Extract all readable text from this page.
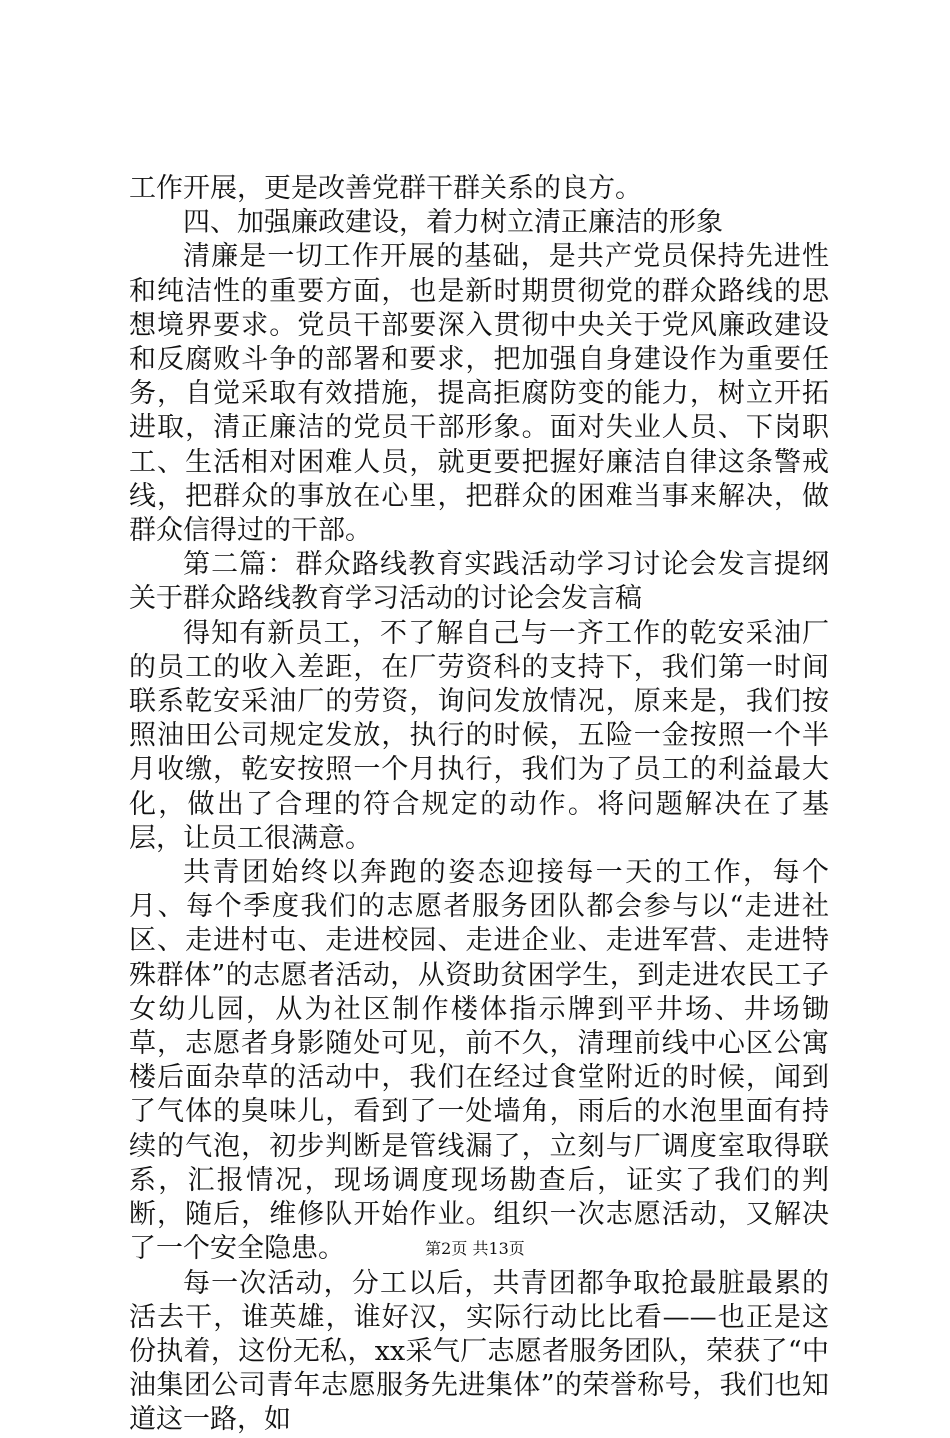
工作开展，更是改善党群干群关系的良方。

四、加强廉政建设，着力树立清正廉洁的形象

清廉是一切工作开展的基础，是共产党员保持先进性和纯洁性的重要方面，也是新时期贯彻党的群众路线的思想境界要求。党员干部要深入贯彻中央关于党风廉政建设和反腐败斗争的部署和要求，把加强自身建设作为重要任务，自觉采取有效措施，提高拒腐防变的能力，树立开拓进取，清正廉洁的党员干部形象。面对失业人员、下岗职工、生活相对困难人员，就更要把握好廉洁自律这条警戒线，把群众的事放在心里，把群众的困难当事来解决，做群众信得过的干部。

第二篇：群众路线教育实践活动学习讨论会发言提纲关于群众路线教育学习活动的讨论会发言稿

得知有新员工，不了解自己与一齐工作的乾安采油厂的员工的收入差距，在厂劳资科的支持下，我们第一时间联系乾安采油厂的劳资，询问发放情况，原来是，我们按照油田公司规定发放，执行的时候，五险一金按照一个半月收缴，乾安按照一个月执行，我们为了员工的利益最大化，做出了合理的符合规定的动作。将问题解决在了基层，让员工很满意。

共青团始终以奔跑的姿态迎接每一天的工作，每个月、每个季度我们的志愿者服务团队都会参与以“走进社区、走进村屯、走进校园、走进企业、走进军营、走进特殊群体”的志愿者活动，从资助贫困学生，到走进农民工子女幼儿园，从为社区制作楼体指示牌到平井场、井场锄草，志愿者身影随处可见，前不久，清理前线中心区公寓楼后面杂草的活动中，我们在经过食堂附近的时候，闻到了气体的臭味儿，看到了一处墙角，雨后的水泡里面有持续的气泡，初步判断是管线漏了，立刻与厂调度室取得联系，汇报情况，现场调度现场勘查后，证实了我们的判断，随后，维修队开始作业。组织一次志愿活动，又解决了一个安全隐患。

每一次活动，分工以后，共青团都争取抢最脏最累的活去干，谁英雄，谁好汉，实际行动比比看——也正是这份执着，这份无私，xx采气厂志愿者服务团队，荣获了“中油集团公司青年志愿服务先进集体”的荣誉称号，我们也知道这一路，如

第2页 共13页
